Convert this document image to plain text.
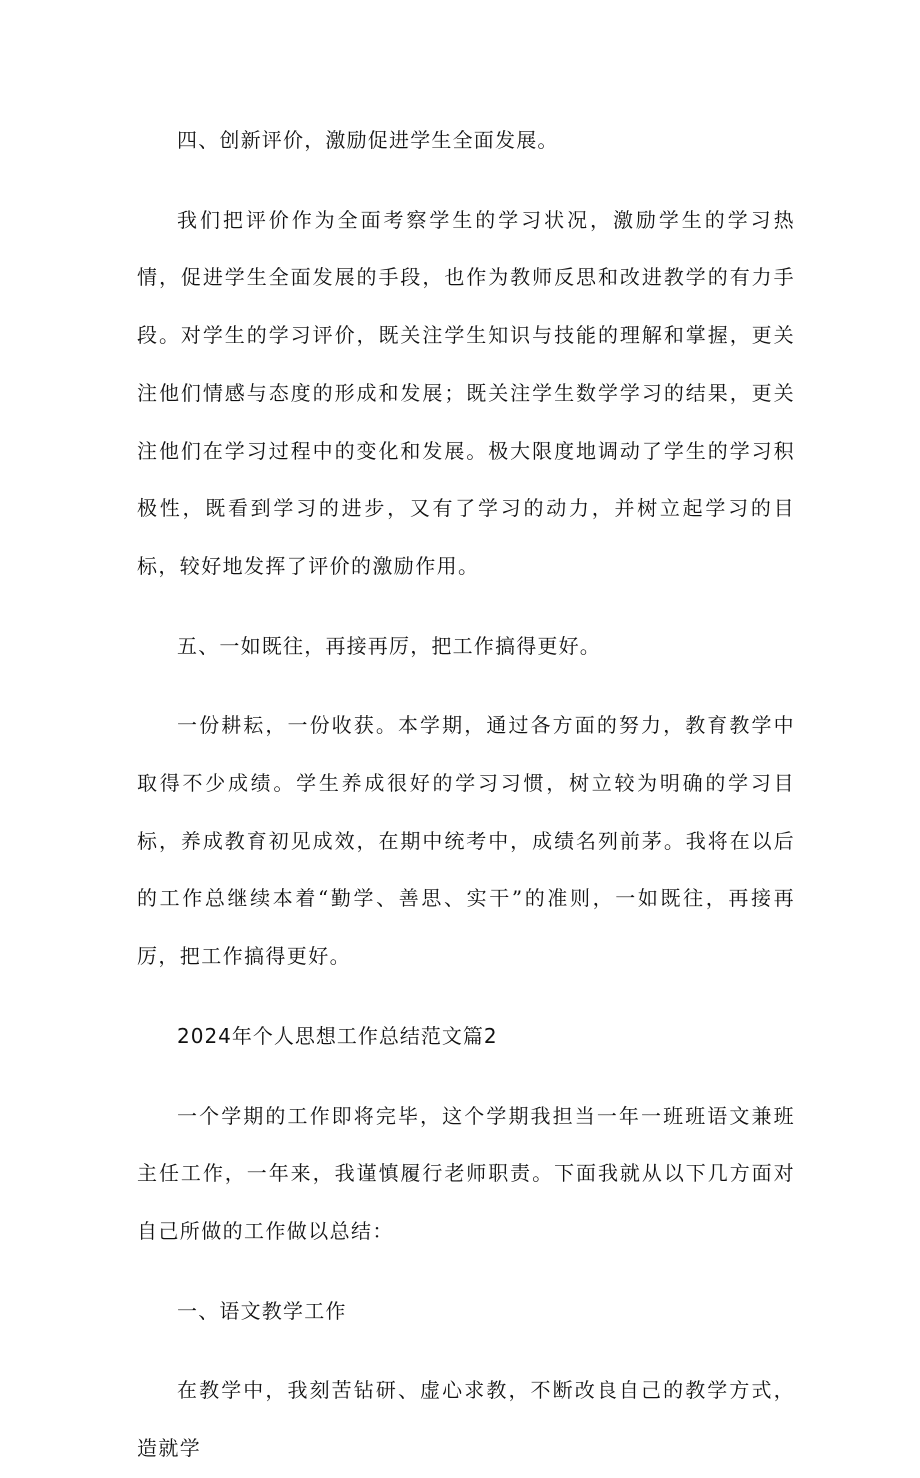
四、创新评价，激励促进学生全面发展。

我们把评价作为全面考察学生的学习状况，激励学生的学习热情，促进学生全面发展的手段，也作为教师反思和改进教学的有力手段。对学生的学习评价，既关注学生知识与技能的理解和掌握，更关注他们情感与态度的形成和发展；既关注学生数学学习的结果，更关注他们在学习过程中的变化和发展。极大限度地调动了学生的学习积极性，既看到学习的进步，又有了学习的动力，并树立起学习的目标，较好地发挥了评价的激励作用。

五、一如既往，再接再厉，把工作搞得更好。

一份耕耘，一份收获。本学期，通过各方面的努力，教育教学中取得不少成绩。学生养成很好的学习习惯，树立较为明确的学习目标，养成教育初见成效，在期中统考中，成绩名列前茅。我将在以后的工作总继续本着“勤学、善思、实干”的准则，一如既往，再接再厉，把工作搞得更好。

2024年个人思想工作总结范文篇2

一个学期的工作即将完毕，这个学期我担当一年一班班语文兼班主任工作，一年来，我谨慎履行老师职责。下面我就从以下几方面对自己所做的工作做以总结：

一、语文教学工作

在教学中，我刻苦钻研、虚心求教，不断改良自己的教学方式，造就学
